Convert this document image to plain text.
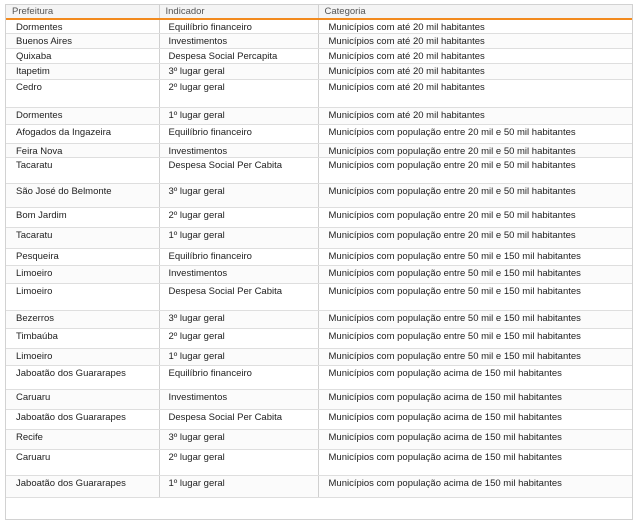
Prefeitura	Indicador	Categoria
Dormentes	Equilíbrio financeiro	Municípios com até 20 mil habitantes
Buenos Aires	Investimentos	Municípios com até 20 mil habitantes
Quixaba	Despesa Social Percapita	Municípios com até 20 mil habitantes
Itapetim	3º lugar geral	Municípios com até 20 mil habitantes
Cedro	2º lugar geral	Municípios com até 20 mil habitantes
Dormentes	1º lugar geral	Municípios com até 20 mil habitantes
Afogados da Ingazeira	Equilíbrio financeiro	Municípios com população entre 20 mil e 50 mil habitantes
Feira Nova	Investimentos	Municípios com população entre 20 mil e 50 mil habitantes
Tacaratu	Despesa Social Per Cabita	Municípios com população entre 20 mil e 50 mil habitantes
São José do Belmonte	3º lugar geral	Municípios com população entre 20 mil e 50 mil habitantes
Bom Jardim	2º lugar geral	Municípios com população entre 20 mil e 50 mil habitantes
Tacaratu	1º lugar geral	Municípios com população entre 20 mil e 50 mil habitantes
Pesqueira	Equilíbrio financeiro	Municípios com população entre 50 mil e 150 mil habitantes
Limoeiro	Investimentos	Municípios com população entre 50 mil e 150 mil habitantes
Limoeiro	Despesa Social Per Cabita	Municípios com população entre 50 mil e 150 mil habitantes
Bezerros	3º lugar geral	Municípios com população entre 50 mil e 150 mil habitantes
Timbaúba	2º lugar geral	Municípios com população entre 50 mil e 150 mil habitantes
Limoeiro	1º lugar geral	Municípios com população entre 50 mil e 150 mil habitantes
Jaboatão dos Guararapes	Equilíbrio financeiro	Municípios com população acima de 150 mil habitantes
Caruaru	Investimentos	Municípios com população acima de 150 mil habitantes
Jaboatão dos Guararapes	Despesa Social Per Cabita	Municípios com população acima de 150 mil habitantes
Recife	3º lugar geral	Municípios com população acima de 150 mil habitantes
Caruaru	2º lugar geral	Municípios com população acima de 150 mil habitantes
Jaboatão dos Guararapes	1º lugar geral	Municípios com população acima de 150 mil habitantes
